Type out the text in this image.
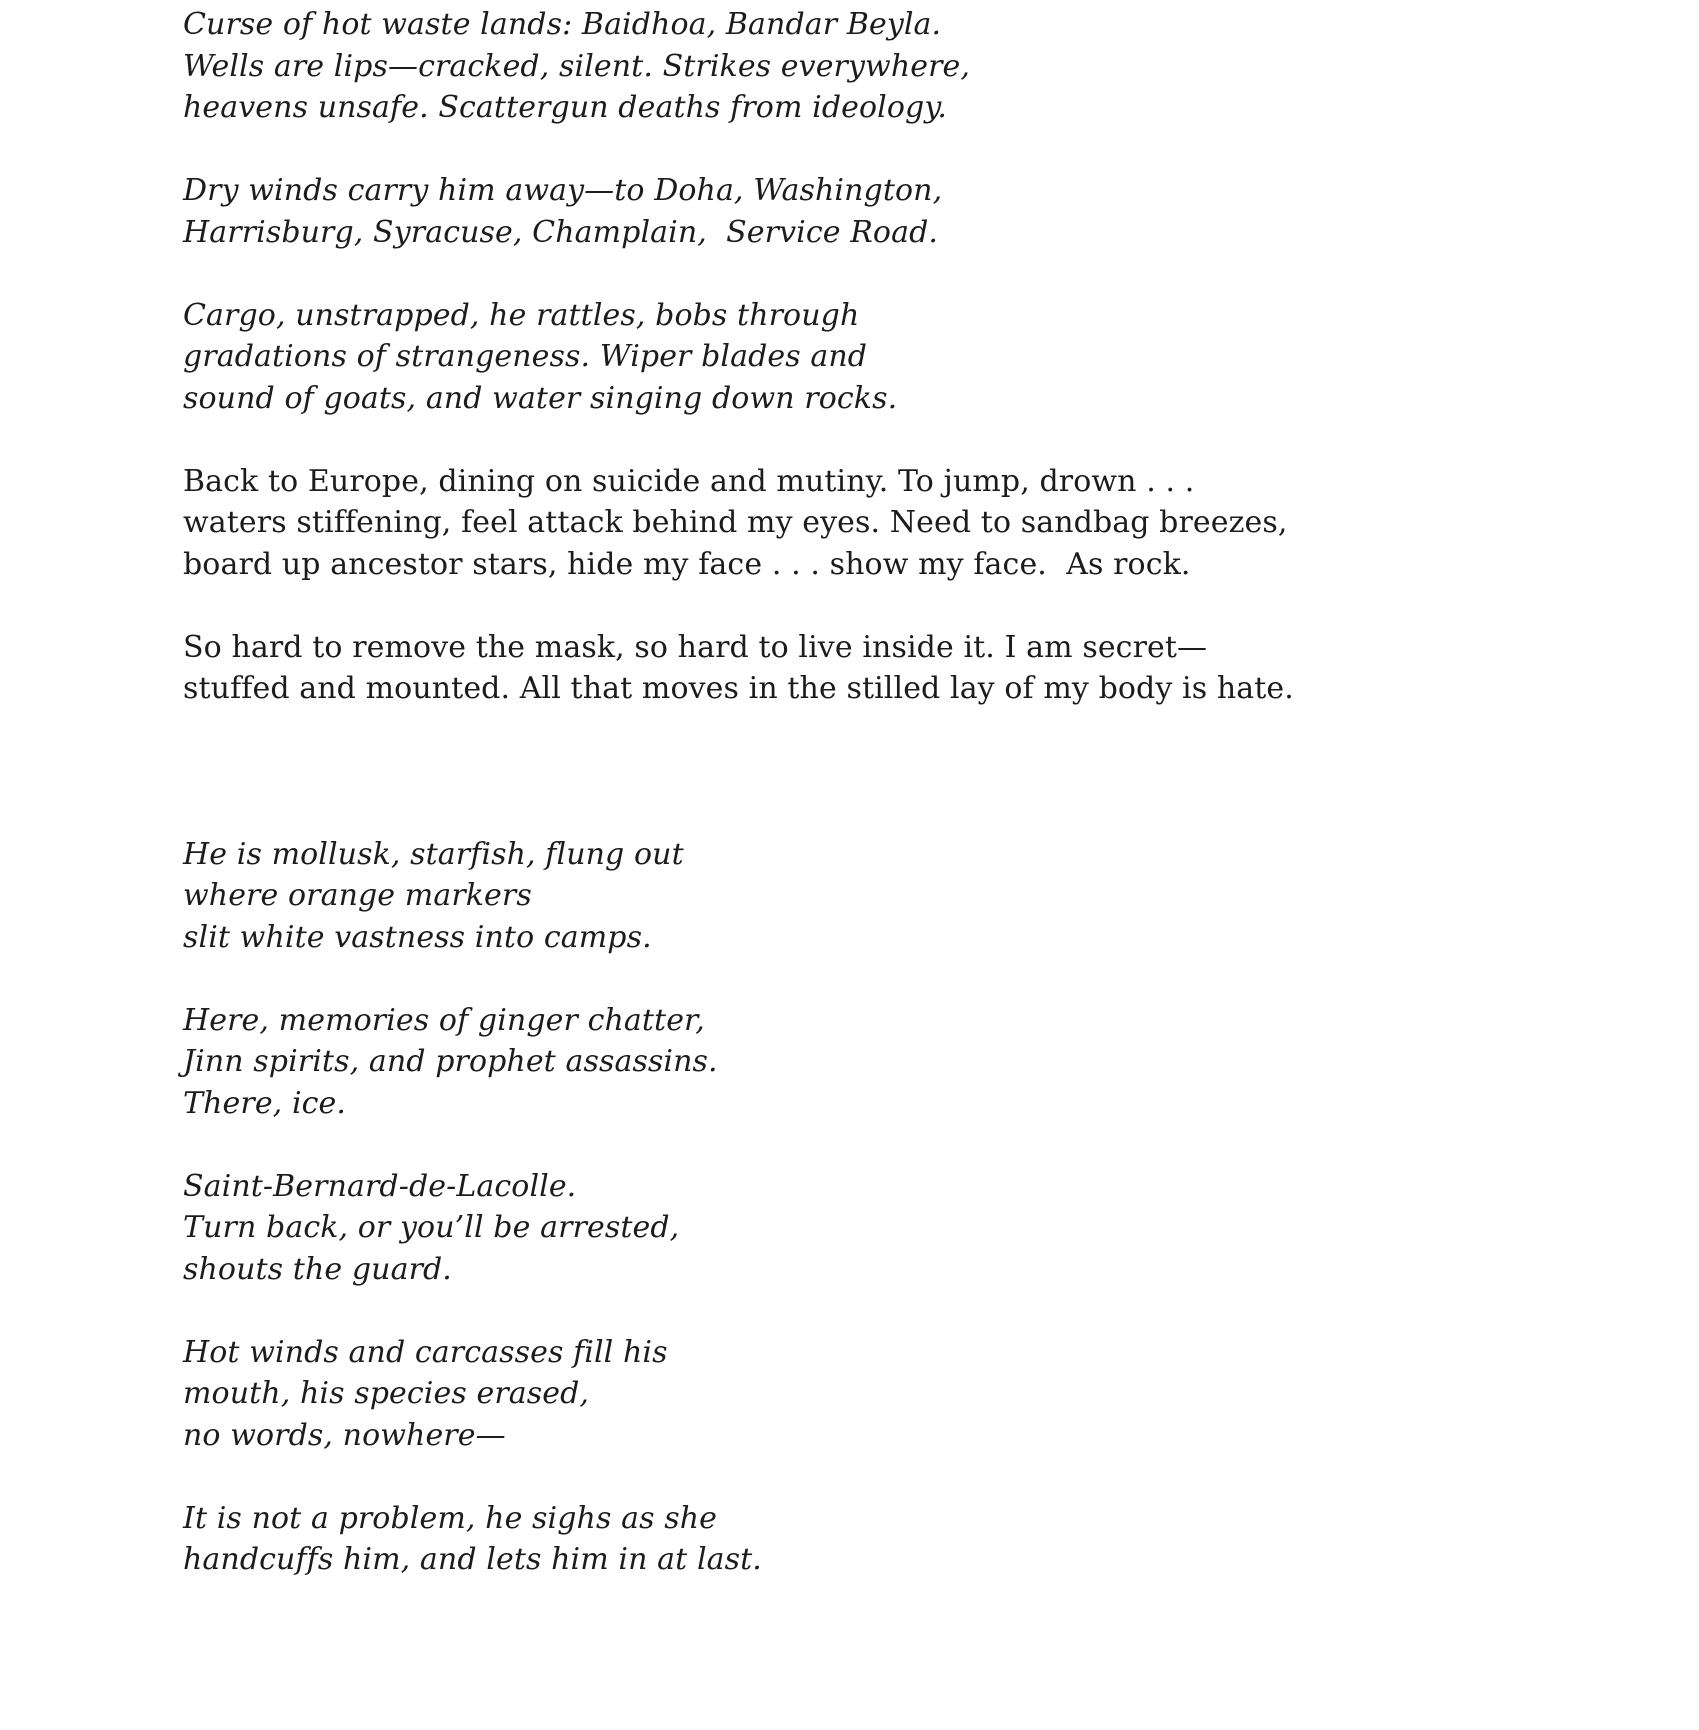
Curse of hot waste lands: Baidhoa, Bandar Beyla.
Wells are lips—cracked, silent. Strikes everywhere,
heavens unsafe. Scattergun deaths from ideology.
Dry winds carry him away—to Doha, Washington,
Harrisburg, Syracuse, Champlain,  Service Road.
Cargo, unstrapped, he rattles, bobs through
gradations of strangeness. Wiper blades and
sound of goats, and water singing down rocks.
Back to Europe, dining on suicide and mutiny. To jump, drown . . .
waters stiffening, feel attack behind my eyes. Need to sandbag breezes,
board up ancestor stars, hide my face . . . show my face.  As rock.
So hard to remove the mask, so hard to live inside it. I am secret—
stuffed and mounted. All that moves in the stilled lay of my body is hate.
He is mollusk, starfish, flung out
where orange markers
slit white vastness into camps.
Here, memories of ginger chatter,
Jinn spirits, and prophet assassins.
There, ice.
Saint-Bernard-de-Lacolle.
Turn back, or you’ll be arrested,
shouts the guard.
Hot winds and carcasses fill his
mouth, his species erased,
no words, nowhere—
It is not a problem, he sighs as she
handcuffs him, and lets him in at last.
